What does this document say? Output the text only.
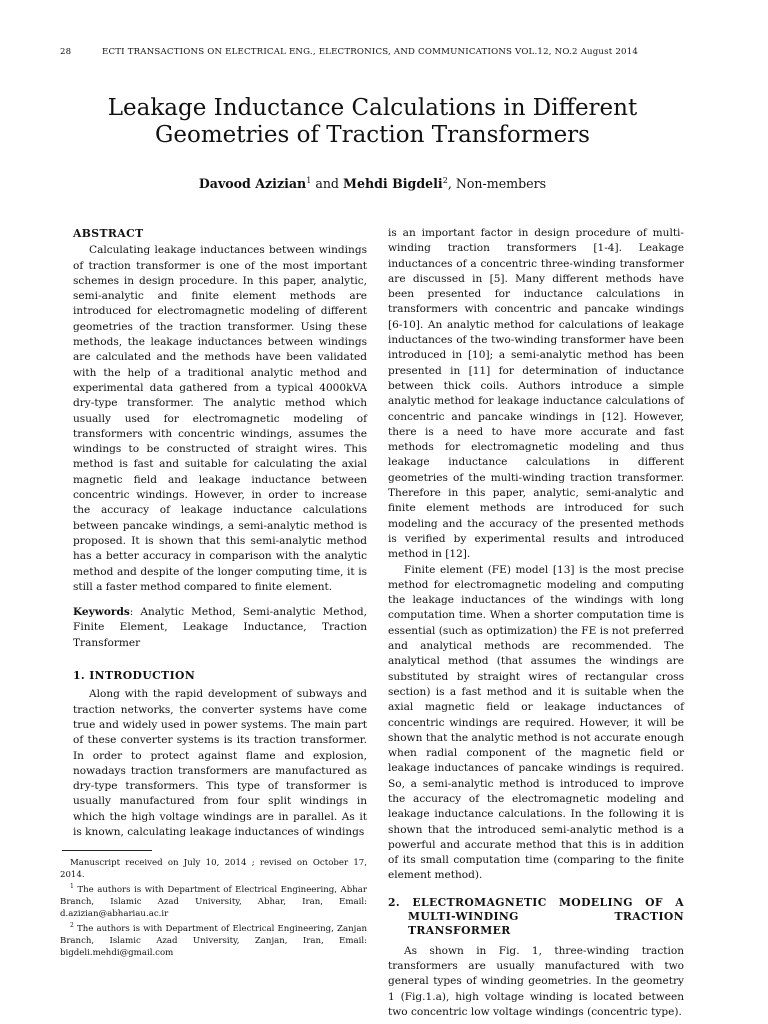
28	ECTI TRANSACTIONS ON ELECTRICAL ENG., ELECTRONICS, AND COMMUNICATIONS VOL.12, NO.2 August 2014
Leakage Inductance Calculations in Different
Geometries of Traction Transformers
Davood Azizian$^1$ and Mehdi Bigdeli$^2$, Non-members
ABSTRACT

Calculating leakage inductances between windings of traction transformer is one of the most important schemes in design procedure. In this paper, analytic, semi-analytic and finite element methods are introduced for electromagnetic modeling of different geometries of the traction transformer. Using these methods, the leakage inductances between windings are calculated and the methods have been validated with the help of a traditional analytic method and experimental data gathered from a typical 4000kVA dry-type transformer. The analytic method which usually used for electromagnetic modeling of transformers with concentric windings, assumes the windings to be constructed of straight wires. This method is fast and suitable for calculating the axial magnetic field and leakage inductance between concentric windings. However, in order to increase the accuracy of leakage inductance calculations between pancake windings, a semi-analytic method is proposed. It is shown that this semi-analytic method has a better accuracy in comparison with the analytic method and despite of the longer computing time, it is still a faster method compared to finite element.

Keywords: Analytic Method, Semi-analytic Method, Finite Element, Leakage Inductance, Traction Transformer

1. INTRODUCTION

Along with the rapid development of subways and traction networks, the converter systems have come true and widely used in power systems. The main part of these converter systems is its traction transformer. In order to protect against flame and explosion, nowadays traction transformers are manufactured as dry-type transformers. This type of transformer is usually manufactured from four split windings in which the high voltage windings are in parallel. As it is known, calculating leakage inductances of windings

is an important factor in design procedure of multi-winding traction transformers [1-4]. Leakage inductances of a concentric three-winding transformer are discussed in [5]. Many different methods have been presented for inductance calculations in transformers with concentric and pancake windings [6-10]. An analytic method for calculations of leakage inductances of the two-winding transformer have been introduced in [10]; a semi-analytic method has been presented in [11] for determination of inductance between thick coils. Authors introduce a simple analytic method for leakage inductance calculations of concentric and pancake windings in [12]. However, there is a need to have more accurate and fast methods for electromagnetic modeling and thus leakage inductance calculations in different geometries of the multi-winding traction transformer. Therefore in this paper, analytic, semi-analytic and finite element methods are introduced for such modeling and the accuracy of the presented methods is verified by experimental results and introduced method in [12].

Finite element (FE) model [13] is the most precise method for electromagnetic modeling and computing the leakage inductances of the windings with long computation time. When a shorter computation time is essential (such as optimization) the FE is not preferred and analytical methods are recommended. The analytical method (that assumes the windings are substituted by straight wires of rectangular cross section) is a fast method and it is suitable when the axial magnetic field or leakage inductances of concentric windings are required. However, it will be shown that the analytic method is not accurate enough when radial component of the magnetic field or leakage inductances of pancake windings is required. So, a semi-analytic method is introduced to improve the accuracy of the electromagnetic modeling and leakage inductance calculations. In the following it is shown that the introduced semi-analytic method is a powerful and accurate method that this is in addition of its small computation time (comparing to the finite element method).

2. ELECTROMAGNETIC MODELING OF A MULTI-WINDING TRACTION TRANSFORMER

As shown in Fig. 1, three-winding traction transformers are usually manufactured with two general types of winding geometries. In the geometry 1 (Fig.1.a), high voltage winding is located between two concentric low voltage windings (concentric type).

Manuscript received on July 10, 2014 ; revised on October 17, 2014.

$^1$ The authors is with Department of Electrical Engineering, Abhar Branch, Islamic Azad University, Abhar, Iran, Email: d.azizian@abhariau.ac.ir

$^2$ The authors is with Department of Electrical Engineering, Zanjan Branch, Islamic Azad University, Zanjan, Iran, Email: bigdeli.mehdi@gmail.com
